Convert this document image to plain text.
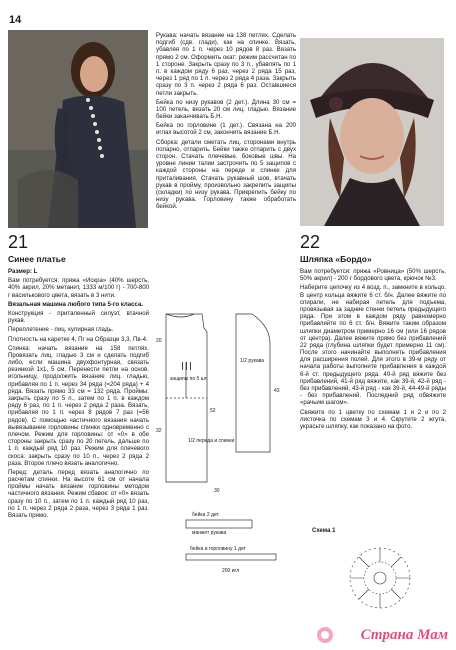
14
21
Синее платье

Размер: L

Вам потребуется: пряжа «Искра» (40% шерсть, 40% акрил, 20% метанит, 1333 м/100 г) - 700-800 г василькового цвета, вязать в 3 нити.

Вязальная машина любого типа 5-го класса.

Конструкция - приталенный силуэт, втачной рукав.

Переплетение - лиц. кулирная гладь.

Плотность на каретке 4, Пг на Образце 3,3, Пв-4.

Спинка: начать вязание на 158 петлях. Провязать лиц. гладью 3 см и сделать подгиб либо, если машина двухфонтурная, связать резинкой 1x1, 5 см. Перенести петли на основ. игольницу, продолжить вязание лиц. гладью, прибавляя по 1 п. через 34 ряда (=204 ряда) + 4 ряда. Вязать прямо 33 см = 132 ряда. Проймы: закрыть сразу по 5 п., затем по 1 п. в каждом ряду 6 раз, по 1 п. через 2 ряда 2 раза. Вязать, прибавляя по 1 п. через 8 рядов 7 раз (=56 рядов). С помощью частичного вязания начать вывязывание горловины спинки одновременно с плечом. Режим для горловины: от «0» в обе стороны закрыть сразу по 20 петель, дальше по 1 п. каждый ряд 10 раз. Режим для плечевого скоса: закрыть сразу по 10 п., через 2 ряда 2 раза. Второе плечо вязать аналогично.

Перед: деталь перед вязать аналогично по расчетам спинки. На высоте 61 см от начала проймы начать вязание горловины методом частичного вязания. Режим сбавок: от «0» вязать сразу по 10 п., затем по 1 п. каждый ряд 10 раз, по 1 п. через 2 ряда 2 раза, через 3 ряда 1 раз. Вязать прямо.

Рукава: начать вязание на 138 петлях. Сделать подгиб (сдв. глади), как на спинке. Вязать, убавляя по 1 п. через 10 рядов 8 раз. Вязать прямо 2 см. Оформить окат: режим рассчитан по 1 стороне. Закрыть сразу по 3 п., убавлять по 1 п. в каждом ряду 6 раз, через 2 ряда 15 раз, через 1 ряд по 1 п. через 2 ряда 4 раза. Закрыть сразу по 3 п. через 2 ряда 6 раз. Оставшиеся петли закрыть.

Бейка по низу рукавов (2 дет.). Длина 30 см = 100 петель, вязать 20 см лиц. гладью. Вязание бейки заканчивать Б.Н.

Бейка по горловине (1 дет.). Связана на 200 иглах высотой 2 см, закончить вязание Б.Н.

Сборка: детали сметать лиц. сторонами внутрь попарно, отпарить. Бейки также отпарить с двух сторон. Стачать плечевые, боковые швы. На уровне линии талии застрочить по 5 защипов с каждой стороны на переде и спинке для приталивания. Стачать рукавный шов, втачать рукав в пройму, произвольно закрепить защипы (складки) по низу рукава. Прикрепить бейку по низу рукава. Горловину также обработать бейкой.

20
32
52
43
1/2 переда и спинки
1/2 рукава
защипы по 5 шт.
бейка 2 дет.
манжет рукава
бейка в горловину 1 дет
200 игл
30
22
Шляпка «Бордо»

Вам потребуется: пряжа «Ровница» (50% шерсть, 50% акрил) - 200 г бордового цвета, крючок №3.

Наберите цепочку из 4 возд. п., замкните в кольцо. В центр кольца вяжите 6 ст. б/н. Далее вяжите по спирали, не набирая петель для подъема, провязывая за задние стенки петель предыдущего ряда. При этом в каждом ряду равномерно прибавляйте по 6 ст. б/н. Вяжите таким образом шляпки диаметром примерно 16 см (или 16 рядов от центра). Далее вяжите прямо без прибавлений 22 ряда (глубина шляпки будет примерно 11 см). После этого начинайте выполнять прибавления для расширения полей. Для этого в 39-м ряду от начала работы выполните прибавления в каждой 6-й ст. предыдущего ряда. 40-й ряд вяжите без прибавлений, 41-й ряд вяжите, как 39-й, 42-й ряд - без прибавлений, 43-й ряд - как 39-й, 44-49-й ряды - без прибавлений. Последний ряд обвяжите «рачьим шагом».

Свяжите по 1 цветку по схемам 1 и 2 и по 2 листочка по схемам 3 и 4. Скрутите 2 жгута, украсьте шляпку, как показано на фото.

Схема 1
Страна Мам
